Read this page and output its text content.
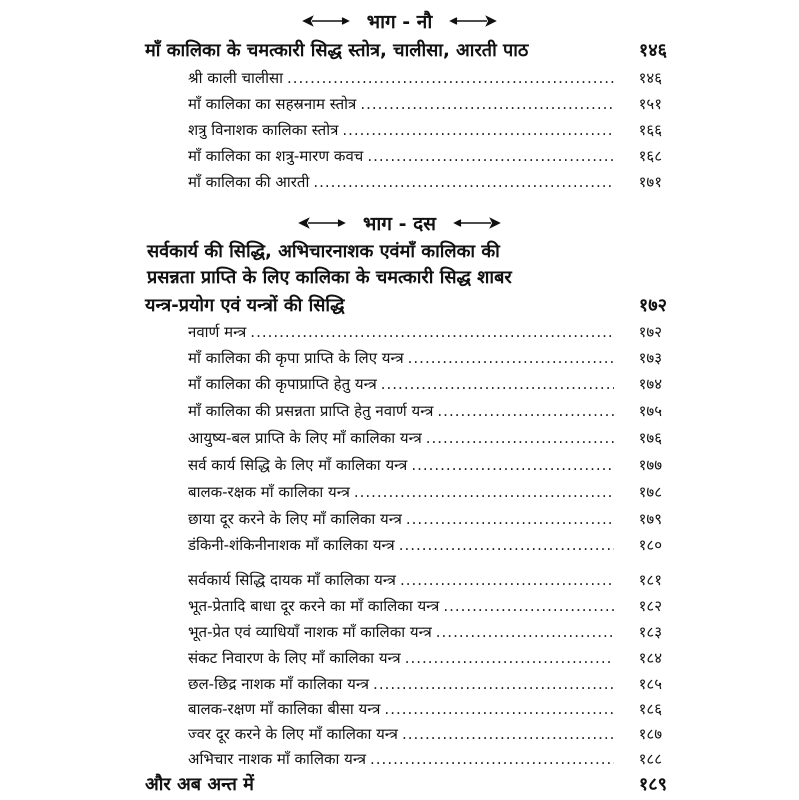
भाग - नौ
माँ कालिका के चमत्कारी सिद्ध स्तोत्र, चालीसा, आरती पाठ	१४६
श्री काली चालीसा .....	१४६
माँ कालिका का सहस्रनाम स्तोत्र .....	१५१
शत्रु विनाशक कालिका स्तोत्र .....	१६६
माँ कालिका का शत्रु-मारण कवच .....	१६८
माँ कालिका की आरती .....	१७१
भाग - दस
सर्वकार्य की सिद्धि, अभिचारनाशक एवंमाँ कालिका की
प्रसन्नता प्राप्ति के लिए कालिका के चमत्कारी सिद्ध शाबर
यन्त्र-प्रयोग एवं यन्त्रों की सिद्धि	१७२
नवार्ण मन्त्र .....	१७२
माँ कालिका की कृपा प्राप्ति के लिए यन्त्र .....	१७३
माँ कालिका की कृपाप्राप्ति हेतु यन्त्र .....	१७४
माँ कालिका की प्रसन्नता प्राप्ति हेतु नवार्ण यन्त्र .....	१७५
आयुष्य-बल प्राप्ति के लिए माँ कालिका यन्त्र .....	१७६
सर्व कार्य सिद्धि के लिए माँ कालिका यन्त्र .....	१७७
बालक-रक्षक माँ कालिका यन्त्र .....	१७८
छाया दूर करने के लिए माँ कालिका यन्त्र .....	१७९
डंकिनी-शंकिनीनाशक माँ कालिका यन्त्र .....	१८०
सर्वकार्य सिद्धि दायक माँ कालिका यन्त्र .....	१८१
भूत-प्रेतादि बाधा दूर करने का माँ कालिका यन्त्र .....	१८२
भूत-प्रेत एवं व्याधियाँ नाशक माँ कालिका यन्त्र .....	१८३
संकट निवारण के लिए माँ कालिका यन्त्र .....	१८४
छल-छिद्र नाशक माँ कालिका यन्त्र .....	१८५
बालक-रक्षण माँ कालिका बीसा यन्त्र .....	१८६
ज्वर दूर करने के लिए माँ कालिका यन्त्र .....	१८७
अभिचार नाशक माँ कालिका यन्त्र .....	१८८
और अब अन्त में	१८९
